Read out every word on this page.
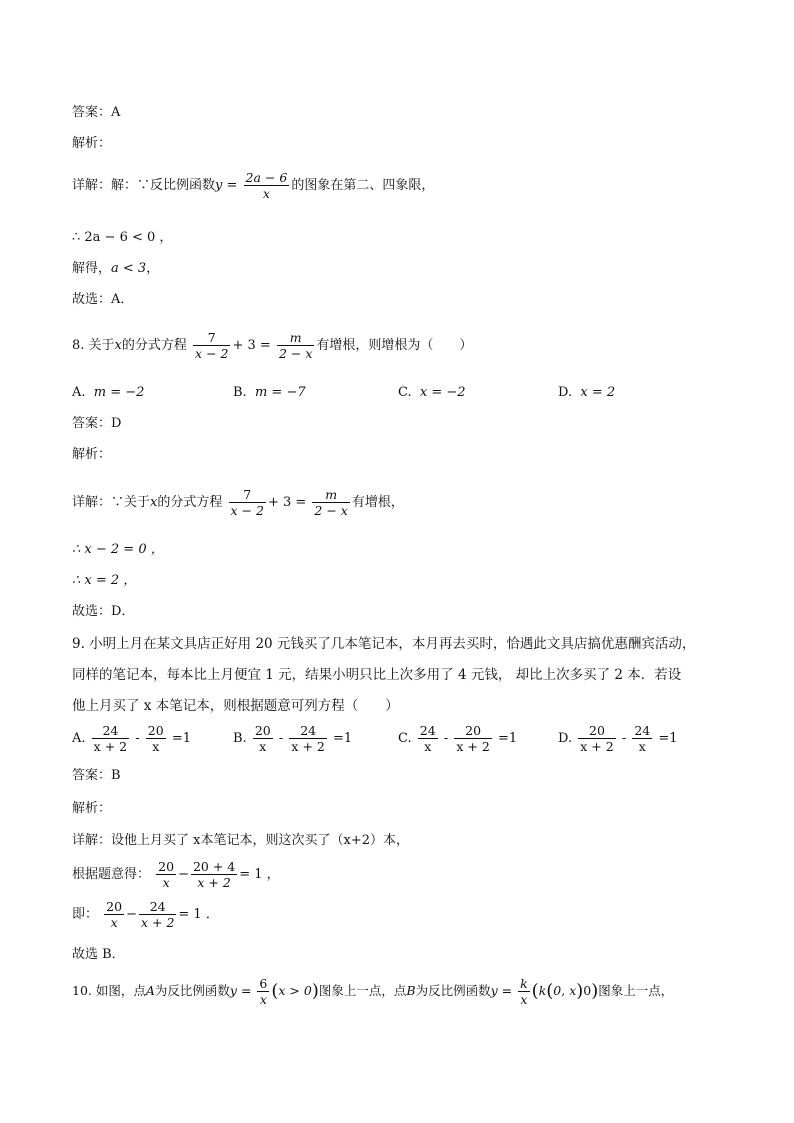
答案：A
解析：
详解：解：∵反比例函数$y = \frac{2a - 6}{x}$ 的图象在第二、四象限，
∴ 2a − 6 < 0 ，
解得，a < 3，
故选：A．
8. 关于x的分式方程 $\frac{7}{x - 2} + 3 = \frac{m}{2 - x}$ 有增根，则增根为（　　）
A. m = −2	B. m = −7	C. x = −2	D. x = 2
答案：D
解析：
详解：∵关于x的分式方程 $\frac{7}{x - 2} + 3 = \frac{m}{2 - x}$ 有增根，
∴ x − 2 = 0 ，
∴ x = 2 ，
故选：D．
9. 小明上月在某文具店正好用 20 元钱买了几本笔记本，本月再去买时，恰遇此文具店搞优惠酬宾活动，
同样的笔记本，每本比上月便宜 1 元，结果小明只比上次多用了 4 元钱， 却比上次多买了 2 本．若设
他上月买了 x 本笔记本，则根据题意可列方程（　　）
A. $\frac{24}{x + 2} - \frac{20}{x} =1$	B. $\frac{20}{x} - \frac{24}{x + 2} =1$	C. $\frac{24}{x} - \frac{20}{x + 2} =1$	D. $\frac{20}{x + 2} - \frac{24}{x} =1$
答案：B
解析：
详解：设他上月买了 x本笔记本，则这次买了（x+2）本，
根据题意得： $\frac{20}{x} - \frac{20 + 4}{x + 2} = 1$ ，
即： $\frac{20}{x} - \frac{24}{x + 2} = 1$ ．
故选 B．
10. 如图，点A为反比例函数$y = \frac{6}{x} (x > 0)$图象上一点，点B为反比例函数$y = \frac{k}{x} (k(0$, x)0)图象上一点，
